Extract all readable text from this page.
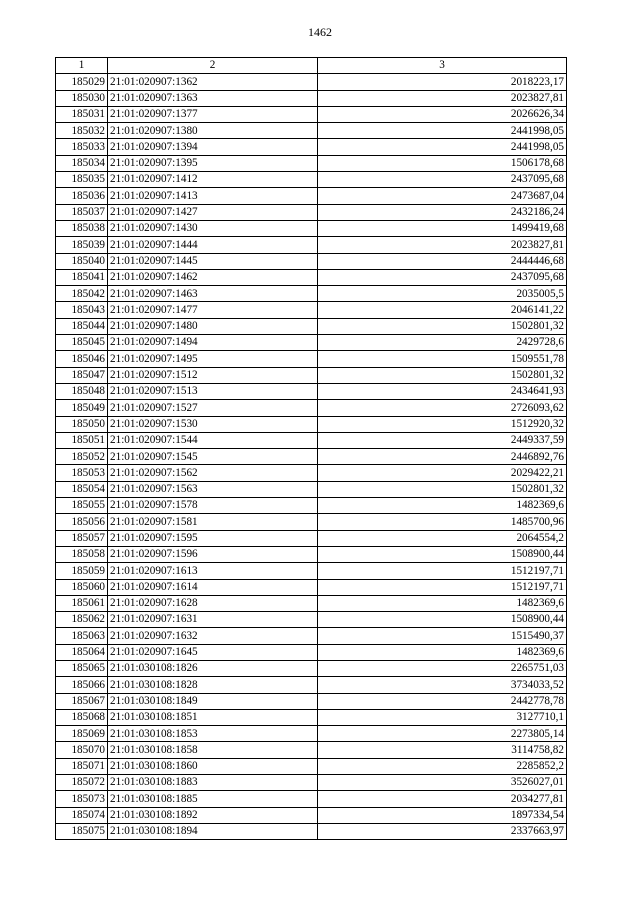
1462
1	2	3
185029	21:01:020907:1362	2018223,17
185030	21:01:020907:1363	2023827,81
185031	21:01:020907:1377	2026626,34
185032	21:01:020907:1380	2441998,05
185033	21:01:020907:1394	2441998,05
185034	21:01:020907:1395	1506178,68
185035	21:01:020907:1412	2437095,68
185036	21:01:020907:1413	2473687,04
185037	21:01:020907:1427	2432186,24
185038	21:01:020907:1430	1499419,68
185039	21:01:020907:1444	2023827,81
185040	21:01:020907:1445	2444446,68
185041	21:01:020907:1462	2437095,68
185042	21:01:020907:1463	2035005,5
185043	21:01:020907:1477	2046141,22
185044	21:01:020907:1480	1502801,32
185045	21:01:020907:1494	2429728,6
185046	21:01:020907:1495	1509551,78
185047	21:01:020907:1512	1502801,32
185048	21:01:020907:1513	2434641,93
185049	21:01:020907:1527	2726093,62
185050	21:01:020907:1530	1512920,32
185051	21:01:020907:1544	2449337,59
185052	21:01:020907:1545	2446892,76
185053	21:01:020907:1562	2029422,21
185054	21:01:020907:1563	1502801,32
185055	21:01:020907:1578	1482369,6
185056	21:01:020907:1581	1485700,96
185057	21:01:020907:1595	2064554,2
185058	21:01:020907:1596	1508900,44
185059	21:01:020907:1613	1512197,71
185060	21:01:020907:1614	1512197,71
185061	21:01:020907:1628	1482369,6
185062	21:01:020907:1631	1508900,44
185063	21:01:020907:1632	1515490,37
185064	21:01:020907:1645	1482369,6
185065	21:01:030108:1826	2265751,03
185066	21:01:030108:1828	3734033,52
185067	21:01:030108:1849	2442778,78
185068	21:01:030108:1851	3127710,1
185069	21:01:030108:1853	2273805,14
185070	21:01:030108:1858	3114758,82
185071	21:01:030108:1860	2285852,2
185072	21:01:030108:1883	3526027,01
185073	21:01:030108:1885	2034277,81
185074	21:01:030108:1892	1897334,54
185075	21:01:030108:1894	2337663,97
